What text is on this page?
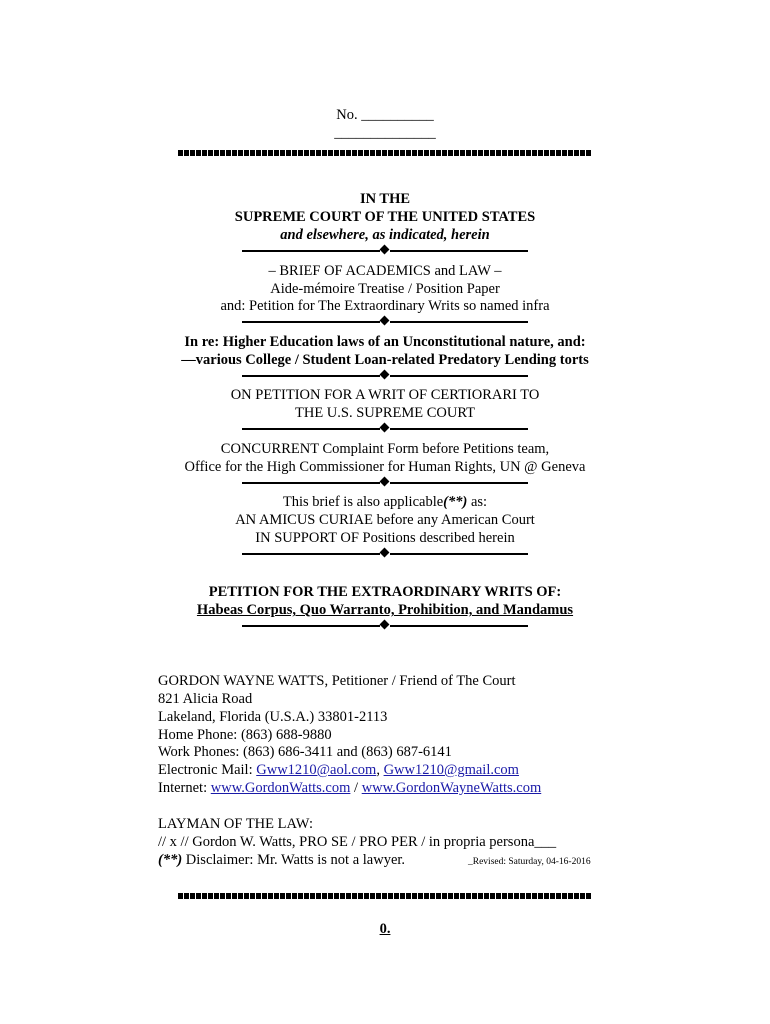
No. __________
______________
IN THE
SUPREME COURT OF THE UNITED STATES
and elsewhere, as indicated, herein
– BRIEF OF ACADEMICS and LAW –
Aide-mémoire Treatise / Position Paper
and: Petition for The Extraordinary Writs so named infra
In re: Higher Education laws of an Unconstitutional nature, and:
—various College / Student Loan-related Predatory Lending torts
ON PETITION FOR A WRIT OF CERTIORARI TO
THE U.S. SUPREME COURT
CONCURRENT Complaint Form before Petitions team,
Office for the High Commissioner for Human Rights, UN @ Geneva
This brief is also applicable(**) as:
AN AMICUS CURIAE before any American Court
IN SUPPORT OF Positions described herein
PETITION FOR THE EXTRAORDINARY WRITS OF:
Habeas Corpus, Quo Warranto, Prohibition, and Mandamus
GORDON WAYNE WATTS, Petitioner / Friend of The Court
821 Alicia Road
Lakeland, Florida (U.S.A.) 33801-2113
Home Phone: (863) 688-9880
Work Phones: (863) 686-3411 and (863) 687-6141
Electronic Mail: Gww1210@aol.com, Gww1210@gmail.com
Internet: www.GordonWatts.com / www.GordonWayneWatts.com
LAYMAN OF THE LAW:
// x // Gordon W. Watts, PRO SE / PRO PER / in propria persona___
(**) Disclaimer: Mr. Watts is not a lawyer.	_Revised: Saturday, 04-16-2016
0.
